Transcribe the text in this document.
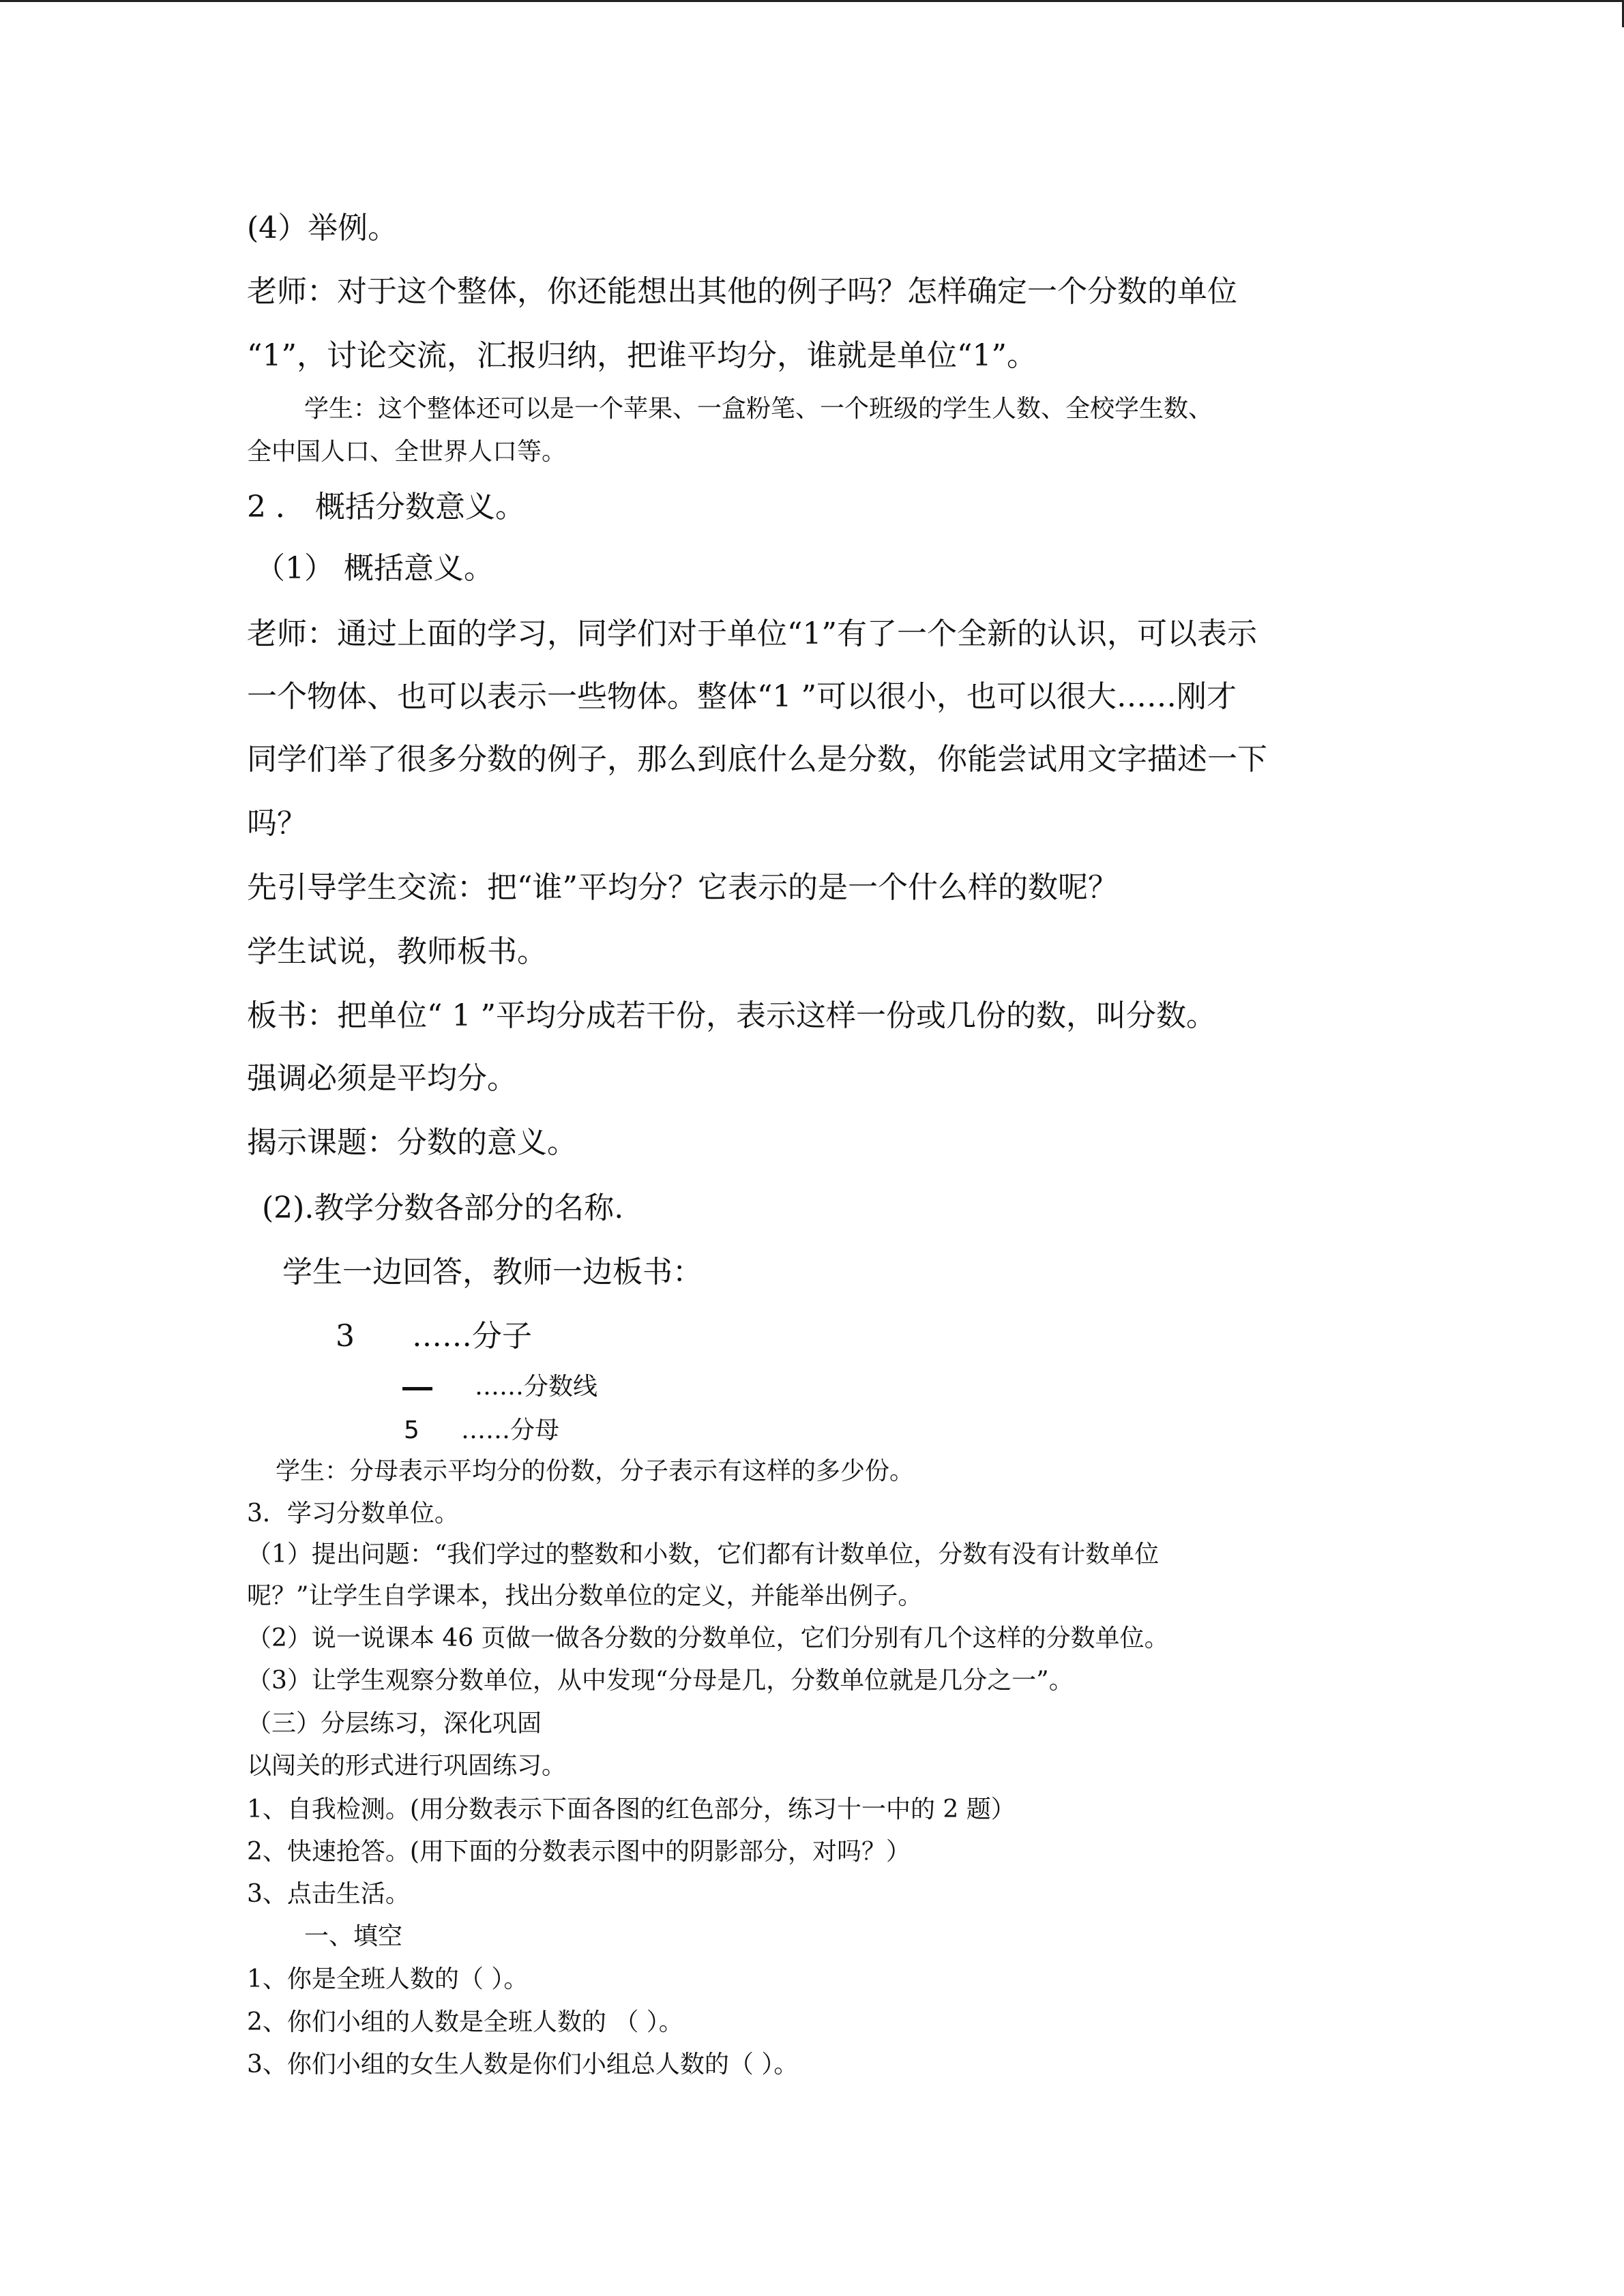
(4）举例。
老师：对于这个整体，你还能想出其他的例子吗？怎样确定一个分数的单位
“1”，讨论交流，汇报归纳，把谁平均分，谁就是单位“1”。
学生：这个整体还可以是一个苹果、一盒粉笔、一个班级的学生人数、全校学生数、
全中国人口、全世界人口等。
2 ． 概括分数意义。
（1） 概括意义。
老师：通过上面的学习，同学们对于单位“1”有了一个全新的认识，可以表示
一个物体、也可以表示一些物体。整体“1 ”可以很小，也可以很大……刚才
同学们举了很多分数的例子，那么到底什么是分数，你能尝试用文字描述一下
吗？
先引导学生交流：把“谁”平均分？它表示的是一个什么样的数呢？
学生试说，教师板书。
板书：把单位“ 1 ”平均分成若干份，表示这样一份或几份的数，叫分数。
强调必须是平均分。
揭示课题：分数的意义。
(2).教学分数各部分的名称.
学生一边回答，教师一边板书：
3 ……分子
……分数线
5 ……分母
学生：分母表示平均分的份数，分子表示有这样的多少份。
3．学习分数单位。
（1）提出问题：“我们学过的整数和小数，它们都有计数单位，分数有没有计数单位
呢？”让学生自学课本，找出分数单位的定义，并能举出例子。
（2）说一说课本 46 页做一做各分数的分数单位，它们分别有几个这样的分数单位。
（3）让学生观察分数单位，从中发现“分母是几，分数单位就是几分之一”。
（三）分层练习，深化巩固
以闯关的形式进行巩固练习。
1、自我检测。(用分数表示下面各图的红色部分，练习十一中的 2 题）
2、快速抢答。(用下面的分数表示图中的阴影部分，对吗？）
3、点击生活。
一、填空
1、你是全班人数的（ ）。
2、你们小组的人数是全班人数的 （ ）。
3、你们小组的女生人数是你们小组总人数的（ ）。
